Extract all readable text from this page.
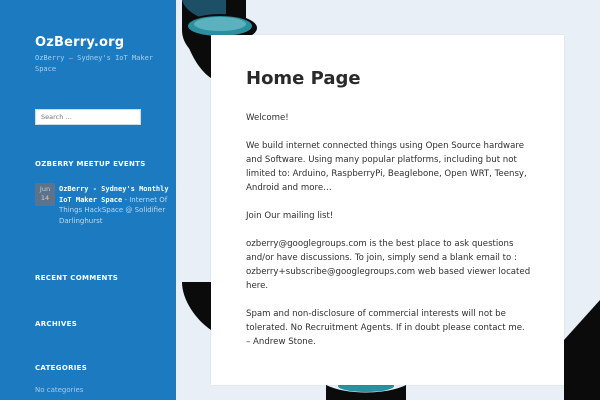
OzBerry.org
OzBerry – Sydney's IoT Maker Space
Search …
OZBERRY MEETUP EVENTS
Jun
14
OzBerry - Sydney's Monthly IoT Maker Space - Internet Of Things HackSpace @ Solidifier Darlinghurst
RECENT COMMENTS
ARCHIVES
CATEGORIES
No categories
Home Page

Welcome!

We build internet connected things using Open Source hardware and Software. Using many popular platforms, including but not limited to: Arduino, RaspberryPi, Beaglebone, Open WRT, Teensy, Android and more…

Join Our mailing list!

ozberry@googlegroups.com is the best place to ask questions and/or have discussions. To join, simply send a blank email to : ozberry+subscribe@googlegroups.com web based viewer located here.

Spam and non-disclosure of commercial interests will not be tolerated. No Recruitment Agents. If in doubt please contact me. – Andrew Stone.
